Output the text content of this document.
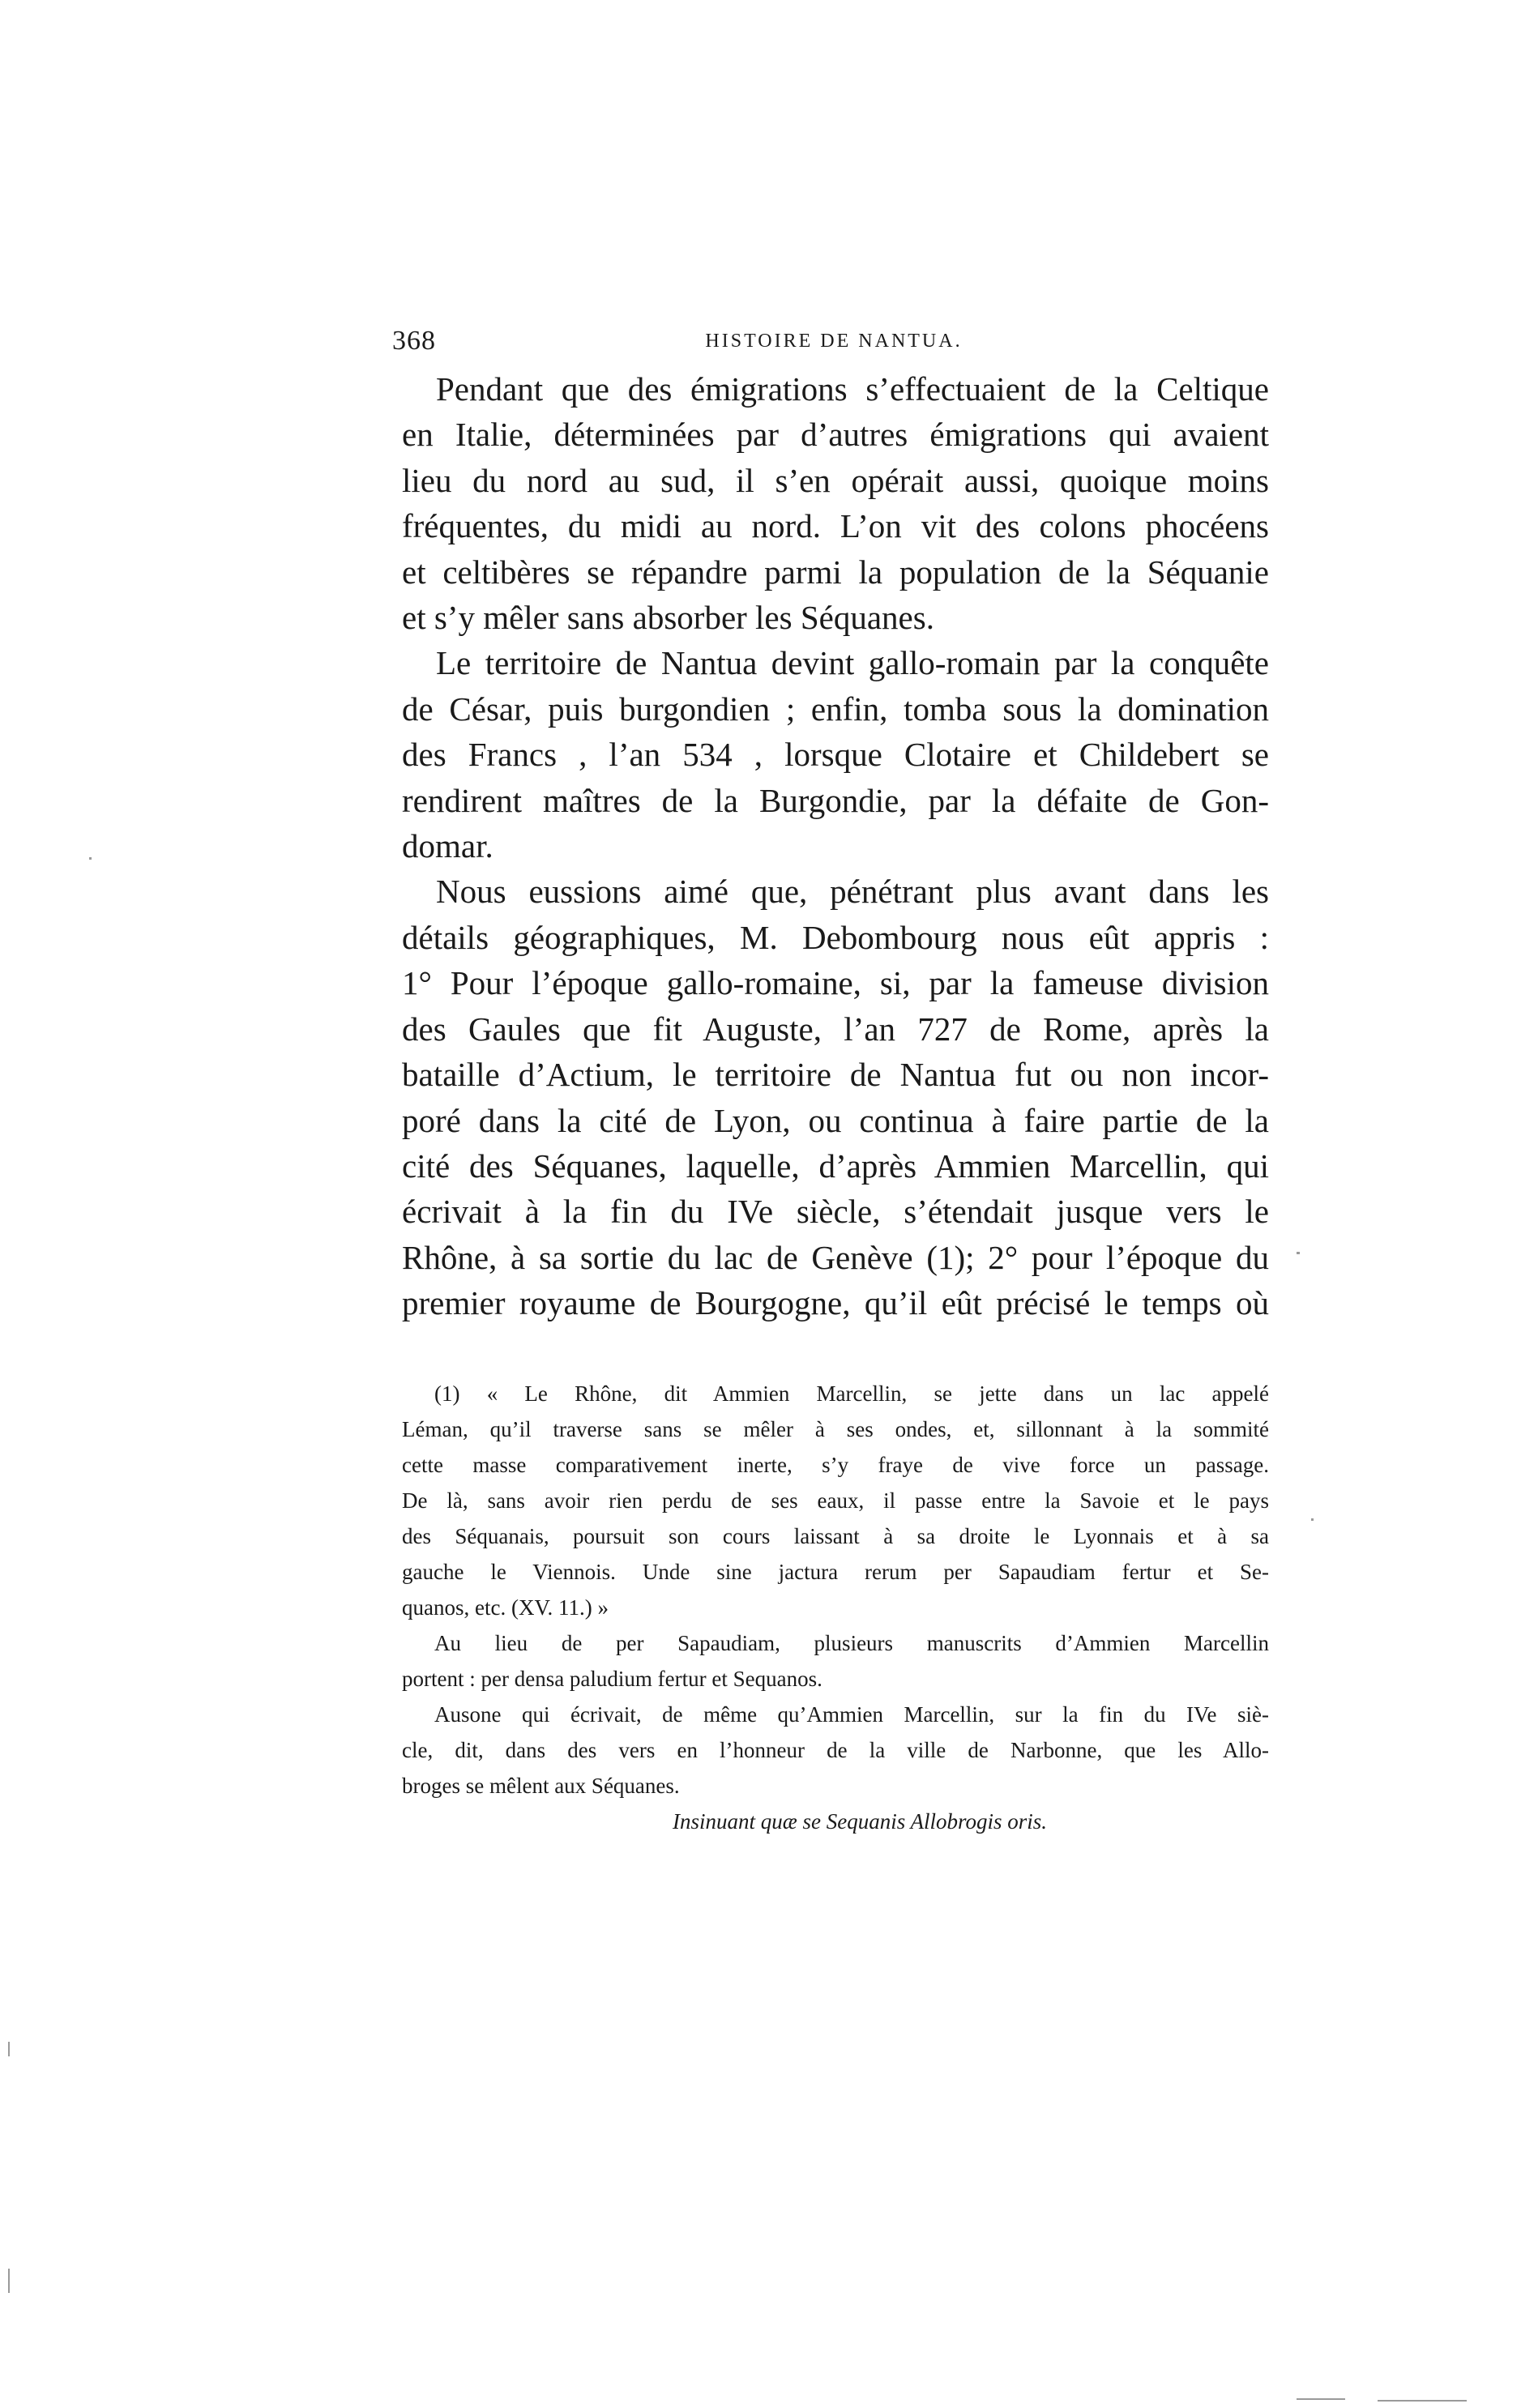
368	HISTOIRE DE NANTUA.
Pendant que des émigrations s’effectuaient de la Celtique
en Italie, déterminées par d’autres émigrations qui avaient
lieu du nord au sud, il s’en opérait aussi, quoique moins
fréquentes, du midi au nord. L’on vit des colons phocéens
et celtibères se répandre parmi la population de la Séquanie
et s’y mêler sans absorber les Séquanes.
Le territoire de Nantua devint gallo-romain par la conquête
de César, puis burgondien ; enfin, tomba sous la domination
des Francs , l’an 534 , lorsque Clotaire et Childebert se
rendirent maîtres de la Burgondie, par la défaite de Gon-
domar.
Nous eussions aimé que, pénétrant plus avant dans les
détails géographiques, M. Debombourg nous eût appris :
1° Pour l’époque gallo-romaine, si, par la fameuse division
des Gaules que fit Auguste, l’an 727 de Rome, après la
bataille d’Actium, le territoire de Nantua fut ou non incor-
poré dans la cité de Lyon, ou continua à faire partie de la
cité des Séquanes, laquelle, d’après Ammien Marcellin, qui
écrivait à la fin du IVe siècle, s’étendait jusque vers le
Rhône, à sa sortie du lac de Genève (1); 2° pour l’époque du
premier royaume de Bourgogne, qu’il eût précisé le temps où
(1) « Le Rhône, dit Ammien Marcellin, se jette dans un lac appelé
Léman, qu’il traverse sans se mêler à ses ondes, et, sillonnant à la sommité
cette masse comparativement inerte, s’y fraye de vive force un passage.
De là, sans avoir rien perdu de ses eaux, il passe entre la Savoie et le pays
des Séquanais, poursuit son cours laissant à sa droite le Lyonnais et à sa
gauche le Viennois. Unde sine jactura rerum per Sapaudiam fertur et Se-
quanos, etc. (XV. 11.) »
Au lieu de per Sapaudiam, plusieurs manuscrits d’Ammien Marcellin
portent : per densa paludium fertur et Sequanos.
Ausone qui écrivait, de même qu’Ammien Marcellin, sur la fin du IVe siè-
cle, dit, dans des vers en l’honneur de la ville de Narbonne, que les Allo-
broges se mêlent aux Séquanes.
Insinuant quæ se Sequanis Allobrogis oris.
